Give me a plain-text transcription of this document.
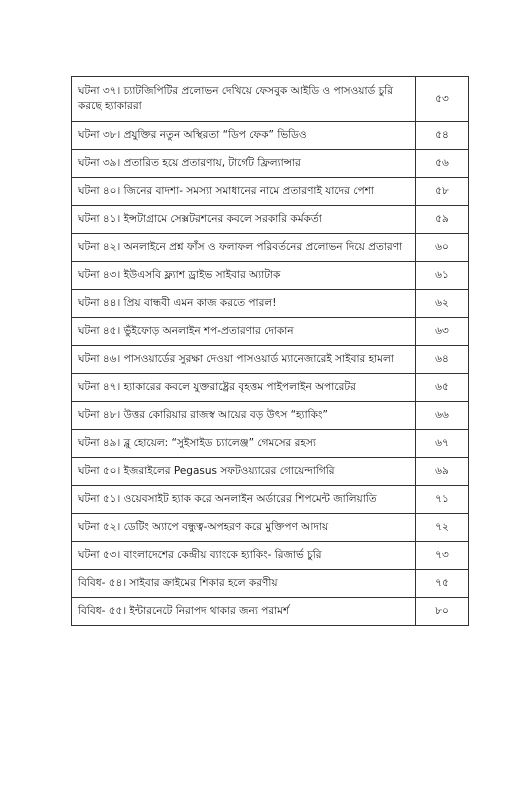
ঘটনা ৩৭। চ্যাটজিপিটির প্রলোভন দেখিয়ে ফেসবুক আইডি ও পাসওয়ার্ড চুরি করছে হ্যাকাররা	৫৩
ঘটনা ৩৮। প্রযুক্তির নতুন অস্থিরতা “ডিপ ফেক” ভিডিও	৫৪
ঘটনা ৩৯। প্রতারিত হয়ে প্রতারণায়, টার্গেট ফ্রিল্যান্সার	৫৬
ঘটনা ৪০। জিনের বাদশা- সমস্যা সমাধানের নামে প্রতারণাই যাদের পেশা	৫৮
ঘটনা ৪১। ইন্সটাগ্রামে সেক্সটরশনের কবলে সরকারি কর্মকর্তা	৫৯
ঘটনা ৪২। অনলাইনে প্রশ্ন ফাঁস ও ফলাফল পরিবর্তনের প্রলোভন দিয়ে প্রতারণা	৬০
ঘটনা ৪৩। ইউএসবি ফ্ল্যাশ ড্রাইভ সাইবার অ্যাটাক	৬১
ঘটনা ৪৪। প্রিয় বান্ধবী এমন কাজ করতে পারল!	৬২
ঘটনা ৪৫। ভুঁইফোড় অনলাইন শপ-প্রতারণার দোকান	৬৩
ঘটনা ৪৬। পাসওয়ার্ডের সুরক্ষা দেওয়া পাসওয়ার্ড ম্যানেজারেই সাইবার হামলা	৬৪
ঘটনা ৪৭। হ্যাকারের কবলে যুক্তরাষ্ট্রের বৃহত্তম পাইপলাইন অপারেটর	৬৫
ঘটনা ৪৮। উত্তর কোরিয়ার রাজস্ব আয়ের বড় উৎস “হ্যাকিং”	৬৬
ঘটনা ৪৯। ব্লু হোয়েল: “সুইসাইড চ্যালেঞ্জ” গেমসের রহস্য	৬৭
ঘটনা ৫০। ইজরাইলের Pegasus সফটওয়্যারের গোয়েন্দাগিরি	৬৯
ঘটনা ৫১। ওয়েবসাইট হ্যাক করে অনলাইন অর্ডারের শিপমেন্ট জালিয়াতি	৭১
ঘটনা ৫২। ডেটিং অ্যাপে বন্ধুত্ব-অপহরণ করে মুক্তিপণ আদায়	৭২
ঘটনা ৫৩। বাংলাদেশের কেন্দ্রীয় ব্যাংকে হ্যাকিং- রিজার্ভ চুরি	৭৩
বিবিধ- ৫৪। সাইবার ক্রাইমের শিকার হলে করণীয়	৭৫
বিবিধ- ৫৫। ইন্টারনেটে নিরাপদ থাকার জন্য পরামর্শ	৮০
